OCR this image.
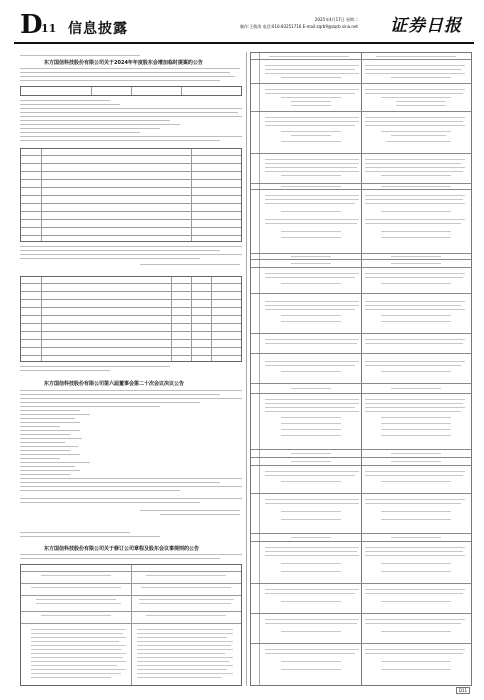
D
11 信息披露
2025年4月17日 星期二
制作:王敬涛 电话:010-83251716 E-mail:zqrb9@zqrb.sina.net 证券日报
东方国信科技股份有限公司关于2024年年度股东会增加临时提案的公告
东方国信科技股份有限公司第六届董事会第二十次会议决议公告
东方国信科技股份有限公司关于修订公司章程及股东会议事规则的公告
D11
